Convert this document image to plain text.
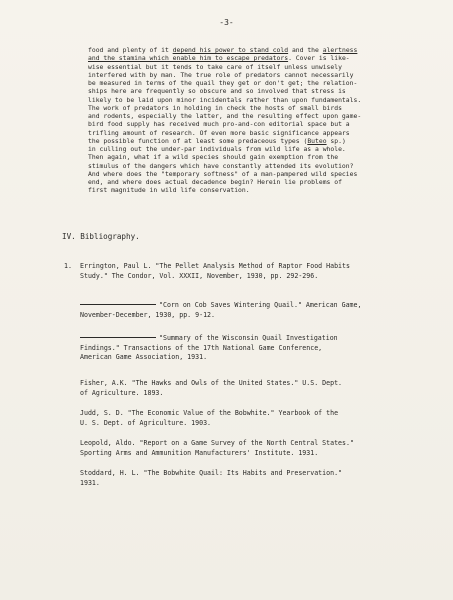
-3-
food and plenty of it depend his power to stand cold and the alertness
and the stamina which enable him to escape predators. Cover is like-
wise essential but it tends to take care of itself unless unwisely
interfered with by man. The true role of predators cannot necessarily
be measured in terms of the quail they get or don't get; the relation-
ships here are frequently so obscure and so involved that stress is
likely to be laid upon minor incidentals rather than upon fundamentals.
The work of predators in holding in check the hosts of small birds
and rodents, especially the latter, and the resulting effect upon game-
bird food supply has received much pro-and-con editorial space but a
trifling amount of research. Of even more basic significance appears
the possible function of at least some predaceous types (Buteo sp.)
in culling out the under-par individuals from wild life as a whole.
Then again, what if a wild species should gain exemption from the
stimulus of the dangers which have constantly attended its evolution?
And where does the "temporary softness" of a man-pampered wild species
end, and where does actual decadence begin? Herein lie problems of
first magnitude in wild life conservation.
IV. Bibliography.
1. Errington, Paul L. "The Pellet Analysis Method of Raptor Food Habits
Study." The Condor, Vol. XXXII, November, 1930, pp. 292-296.
"Corn on Cob Saves Wintering Quail." American Game,
November-December, 1930, pp. 9-12.
"Summary of the Wisconsin Quail Investigation
Findings." Transactions of the 17th National Game Conference,
American Game Association, 1931.
Fisher, A.K. "The Hawks and Owls of the United States." U.S. Dept.
of Agriculture. 1893.
Judd, S. D. "The Economic Value of the Bobwhite." Yearbook of the
U. S. Dept. of Agriculture. 1903.
Leopold, Aldo. "Report on a Game Survey of the North Central States."
Sporting Arms and Ammunition Manufacturers' Institute. 1931.
Stoddard, H. L. "The Bobwhite Quail: Its Habits and Preservation."
1931.
